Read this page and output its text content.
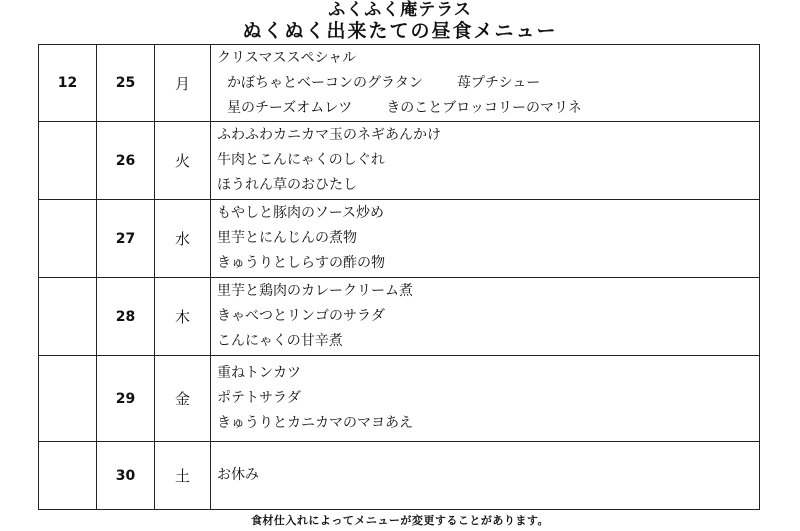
ふくふく庵テラス
ぬくぬく出来たての昼食メニュー
12	25	月	クリスマススペシャル
かぼちゃとベーコンのグラタン 苺プチシュー
星のチーズオムレツ きのことブロッコリーのマリネ

	26	火	ふわふわカニカマ玉のネギあんかけ
牛肉とこんにゃくのしぐれ
ほうれん草のおひたし

	27	水	もやしと豚肉のソース炒め
里芋とにんじんの煮物
きゅうりとしらすの酢の物

	28	木	里芋と鶏肉のカレークリーム煮
きゃべつとリンゴのサラダ
こんにゃくの甘辛煮

	29	金	重ねトンカツ
ポテトサラダ
きゅうりとカニカマのマヨあえ

	30	土	お休み
食材仕入れによってメニューが変更することがあります。
